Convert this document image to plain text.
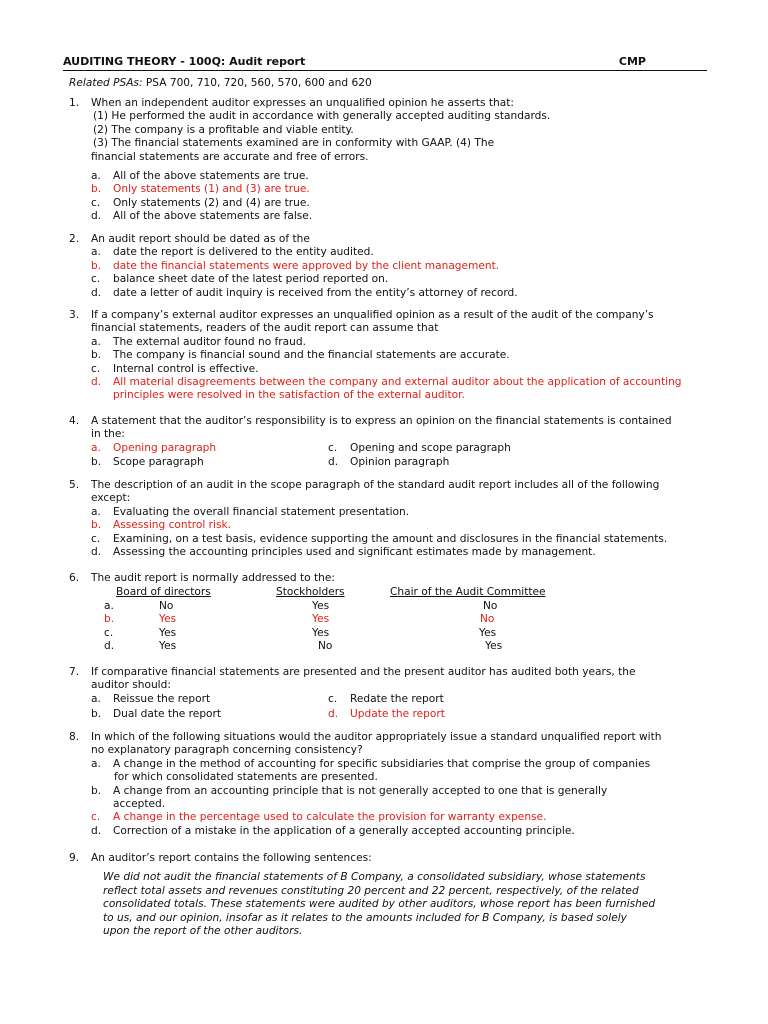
AUDITING THEORY - 100Q: Audit report	CMP
Related PSAs: PSA 700, 710, 720, 560, 570, 600 and 620
1. When an independent auditor expresses an unqualified opinion he asserts that:
(1) He performed the audit in accordance with generally accepted auditing standards.
(2) The company is a profitable and viable entity.
(3) The financial statements examined are in conformity with GAAP. (4) The
financial statements are accurate and free of errors.
a. All of the above statements are true.
b. Only statements (1) and (3) are true.
c. Only statements (2) and (4) are true.
d. All of the above statements are false.
2. An audit report should be dated as of the
a. date the report is delivered to the entity audited.
b. date the financial statements were approved by the client management.
c. balance sheet date of the latest period reported on.
d. date a letter of audit inquiry is received from the entity’s attorney of record.
3. If a company’s external auditor expresses an unqualified opinion as a result of the audit of the company’s
financial statements, readers of the audit report can assume that
a. The external auditor found no fraud.
b. The company is financial sound and the financial statements are accurate.
c. Internal control is effective.
d. All material disagreements between the company and external auditor about the application of accounting
principles were resolved in the satisfaction of the external auditor.
4. A statement that the auditor’s responsibility is to express an opinion on the financial statements is contained
in the:
a. Opening paragraph	c. Opening and scope paragraph
b. Scope paragraph	d. Opinion paragraph
5. The description of an audit in the scope paragraph of the standard audit report includes all of the following
except:
a. Evaluating the overall financial statement presentation.
b. Assessing control risk.
c. Examining, on a test basis, evidence supporting the amount and disclosures in the financial statements.
d. Assessing the accounting principles used and significant estimates made by management.
6. The audit report is normally addressed to the:
Board of directors	Stockholders	Chair of the Audit Committee
a.	No	Yes	No
b.	Yes	Yes	No
c.	Yes	Yes	Yes
d.	Yes	No	Yes
7. If comparative financial statements are presented and the present auditor has audited both years, the
auditor should:
a. Reissue the report	c. Redate the report
b. Dual date the report	d. Update the report
8. In which of the following situations would the auditor appropriately issue a standard unqualified report with
no explanatory paragraph concerning consistency?
a. A change in the method of accounting for specific subsidiaries that comprise the group of companies
for which consolidated statements are presented.
b. A change from an accounting principle that is not generally accepted to one that is generally
accepted.
c. A change in the percentage used to calculate the provision for warranty expense.
d. Correction of a mistake in the application of a generally accepted accounting principle.
9. An auditor’s report contains the following sentences:
We did not audit the financial statements of B Company, a consolidated subsidiary, whose statements
reflect total assets and revenues constituting 20 percent and 22 percent, respectively, of the related
consolidated totals. These statements were audited by other auditors, whose report has been furnished
to us, and our opinion, insofar as it relates to the amounts included for B Company, is based solely
upon the report of the other auditors.
